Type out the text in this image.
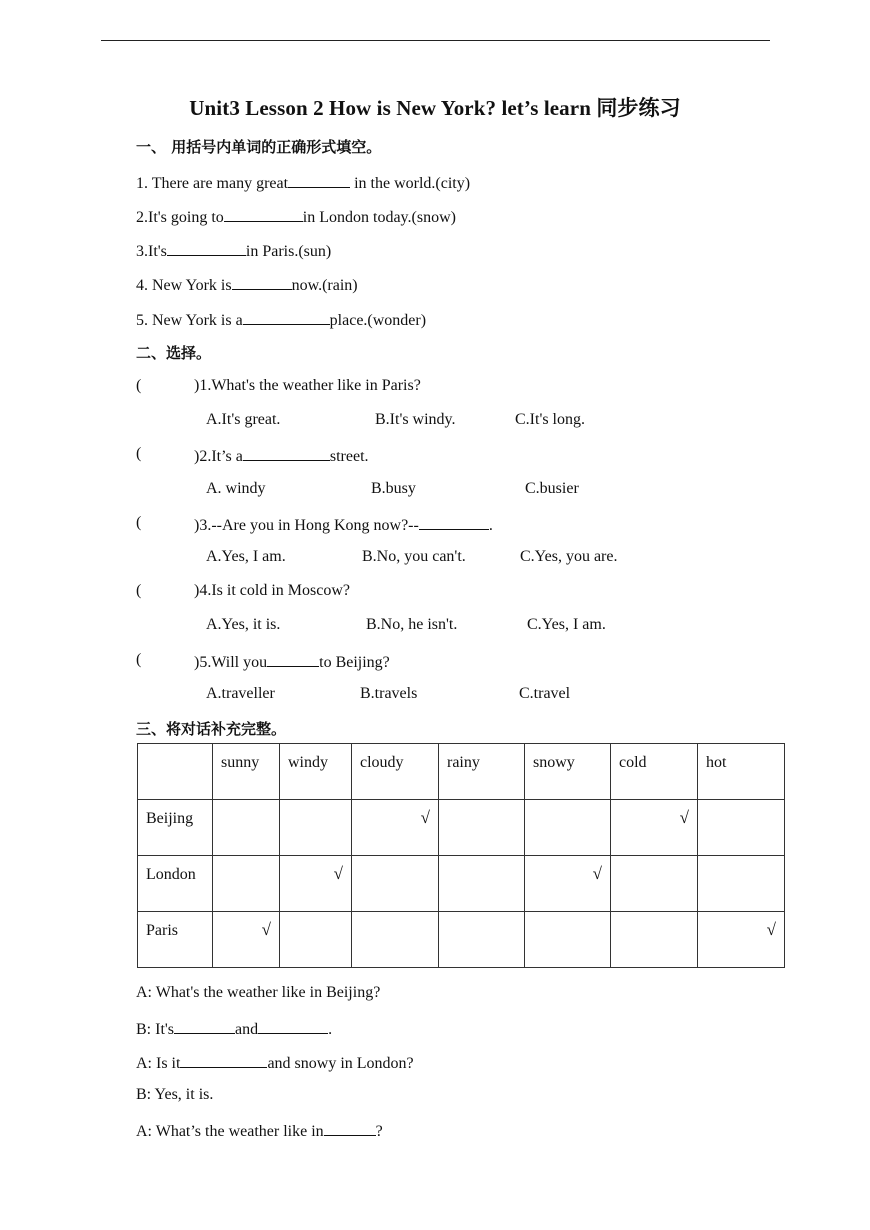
Unit3 Lesson 2 How is New York? let’s learn 同步练习
一、 用括号内单词的正确形式填空。
1. There are many great	in the world.(city)
2.It's going to	in London today.(snow)
3.It's	in Paris.(sun)
4. New York is	now.(rain)
5. New York is a	place.(wonder)
二、选择。
(	)1.What's the weather like in Paris?
A.It's great.	B.It's windy.	C.It's long.
(	)2.It’s a	street.
A. windy	B.busy	C.busier
(	)3.--Are you in Hong Kong now?--	.
A.Yes, I am.	B.No, you can't.	C.Yes, you are.
(	)4.Is it cold in Moscow?
A.Yes, it is.	B.No, he isn't.	C.Yes, I am.
(	)5.Will you	to Beijing?
A.traveller	B.travels	C.travel
三、将对话补充完整。
	sunny	windy	cloudy	rainy	snowy	cold	hot
Beijing			√			√	

London		√			√		

Paris	√						√
A: What's the weather like in Beijing?
B: It's	and	.
A: Is it	and snowy in London?
B: Yes, it is.
A: What’s the weather like in	?
